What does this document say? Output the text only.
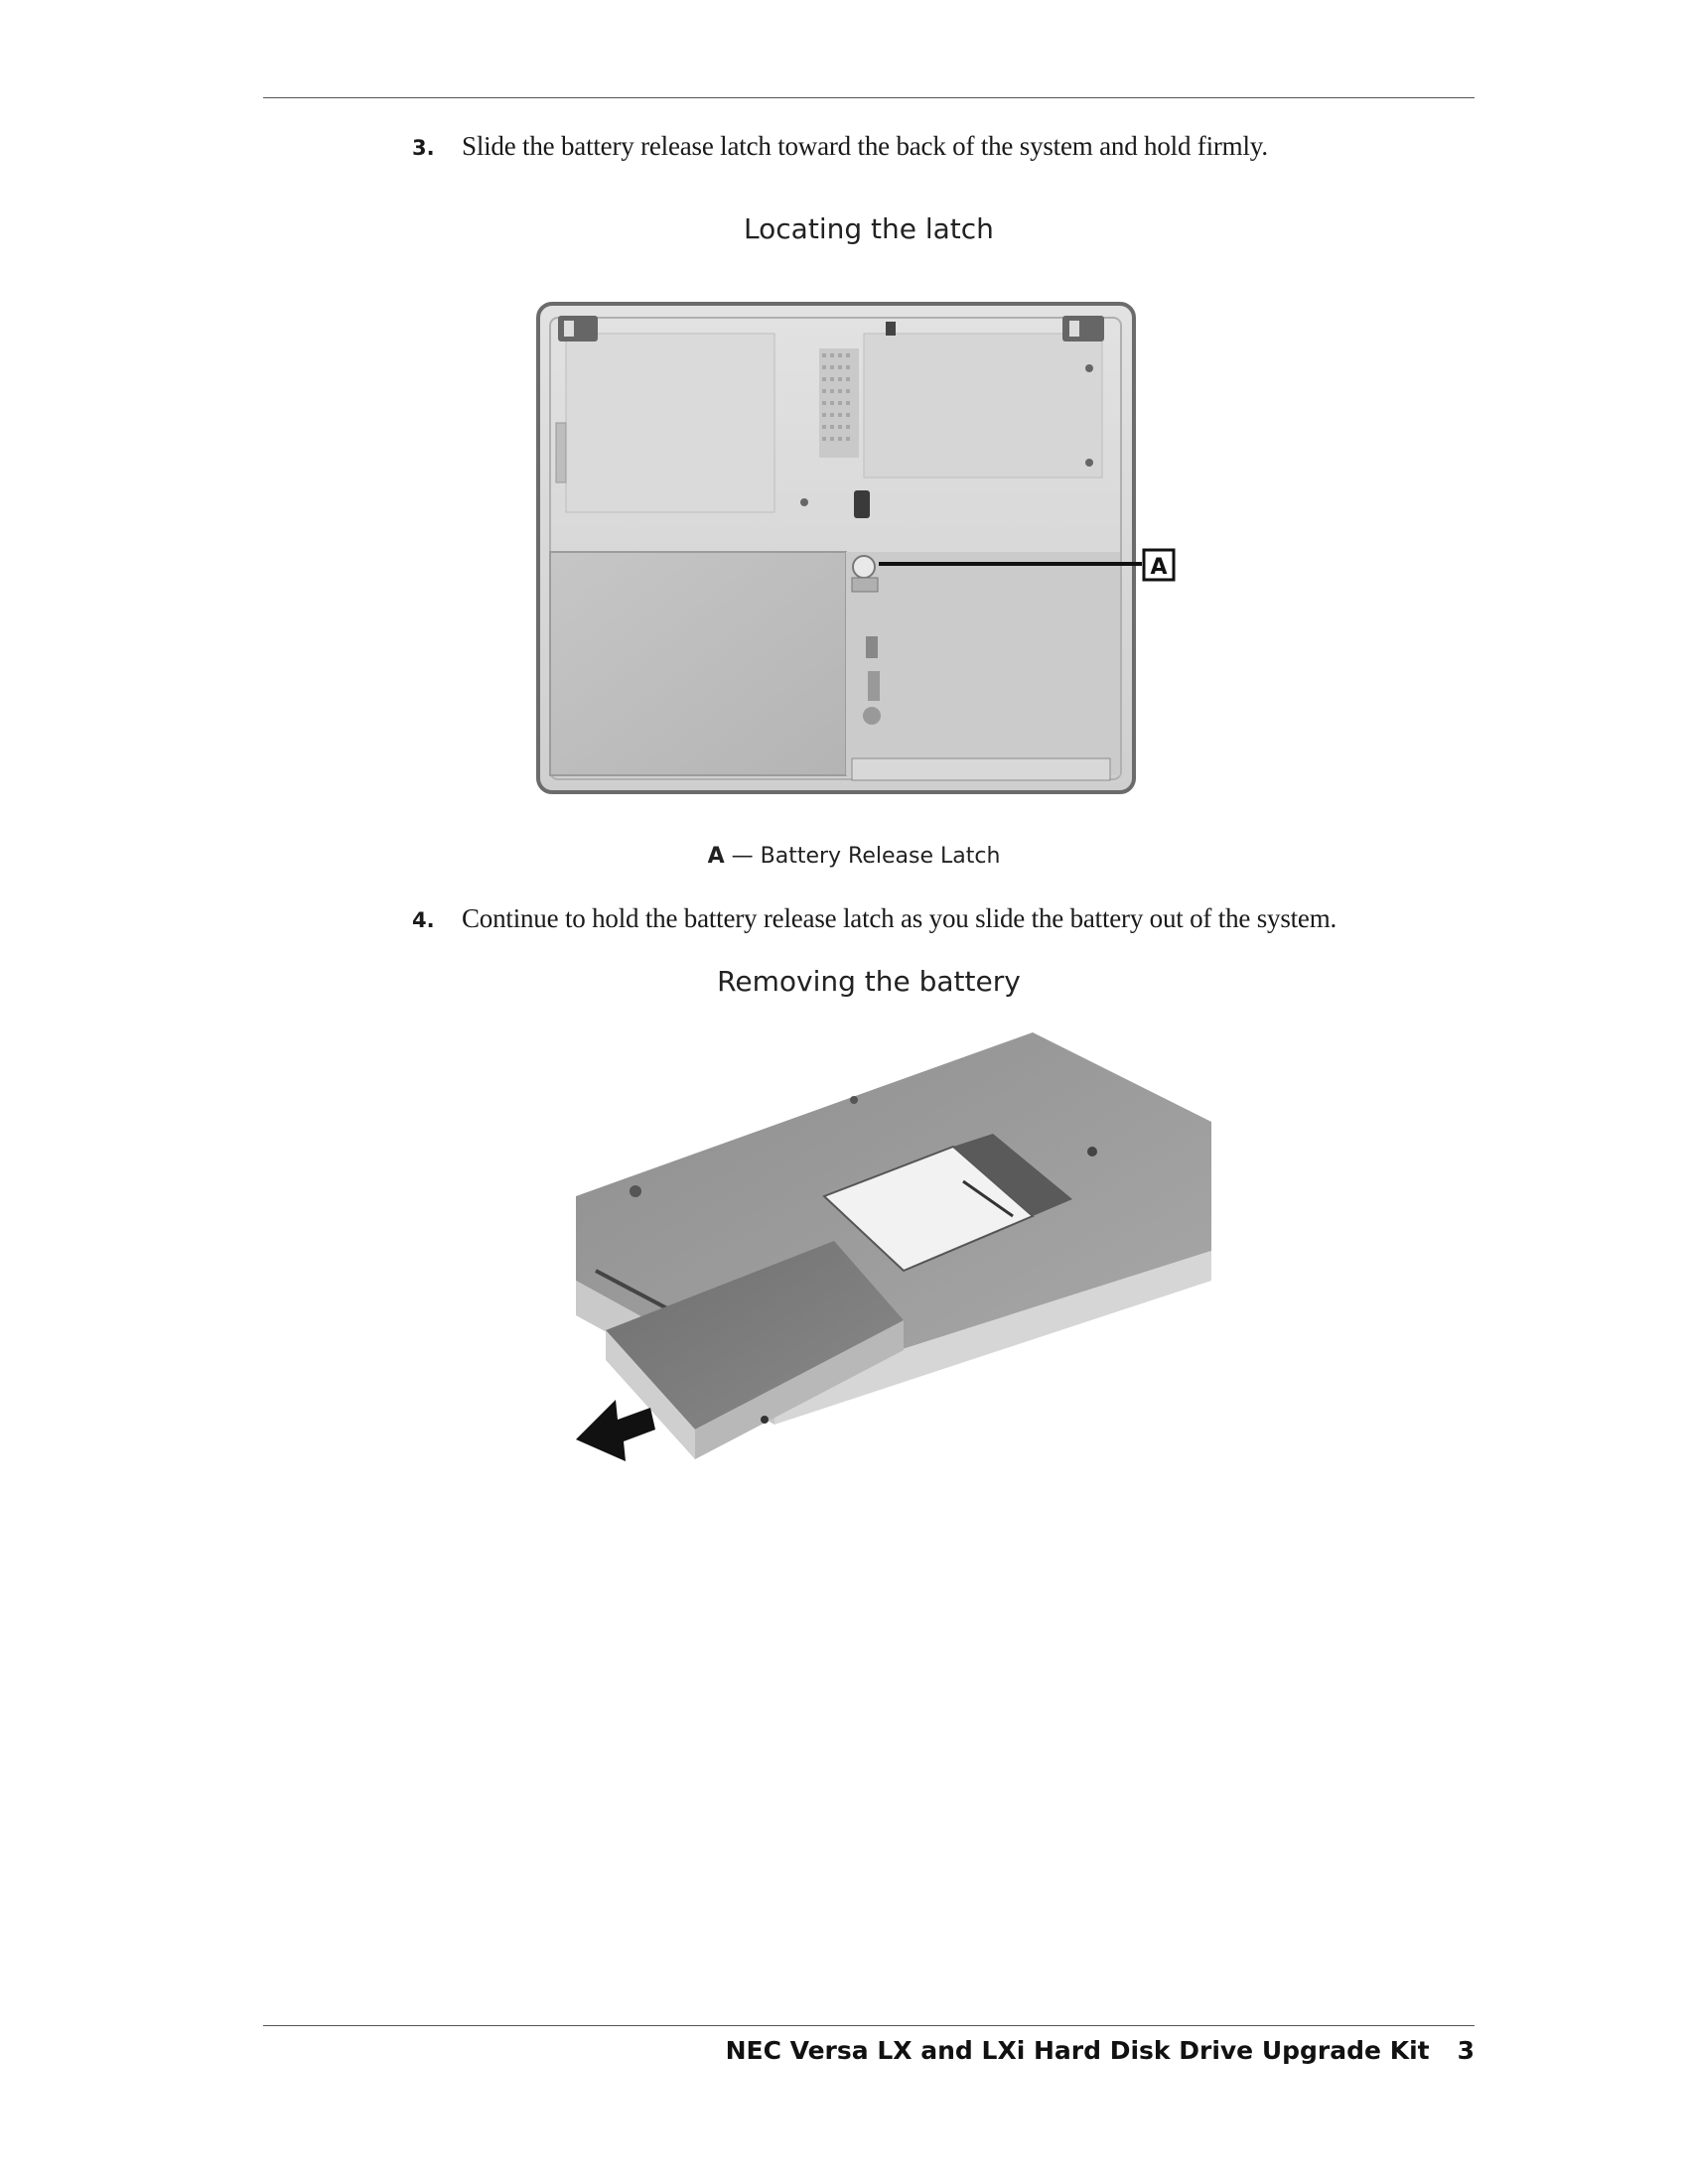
3.	Slide the battery release latch toward the back of the system and hold firmly.
Locating the latch
A
A — Battery Release Latch
4.	Continue to hold the battery release latch as you slide the battery out of the system.
Removing the battery
NEC Versa LX and LXi Hard Disk Drive Upgrade Kit 3
